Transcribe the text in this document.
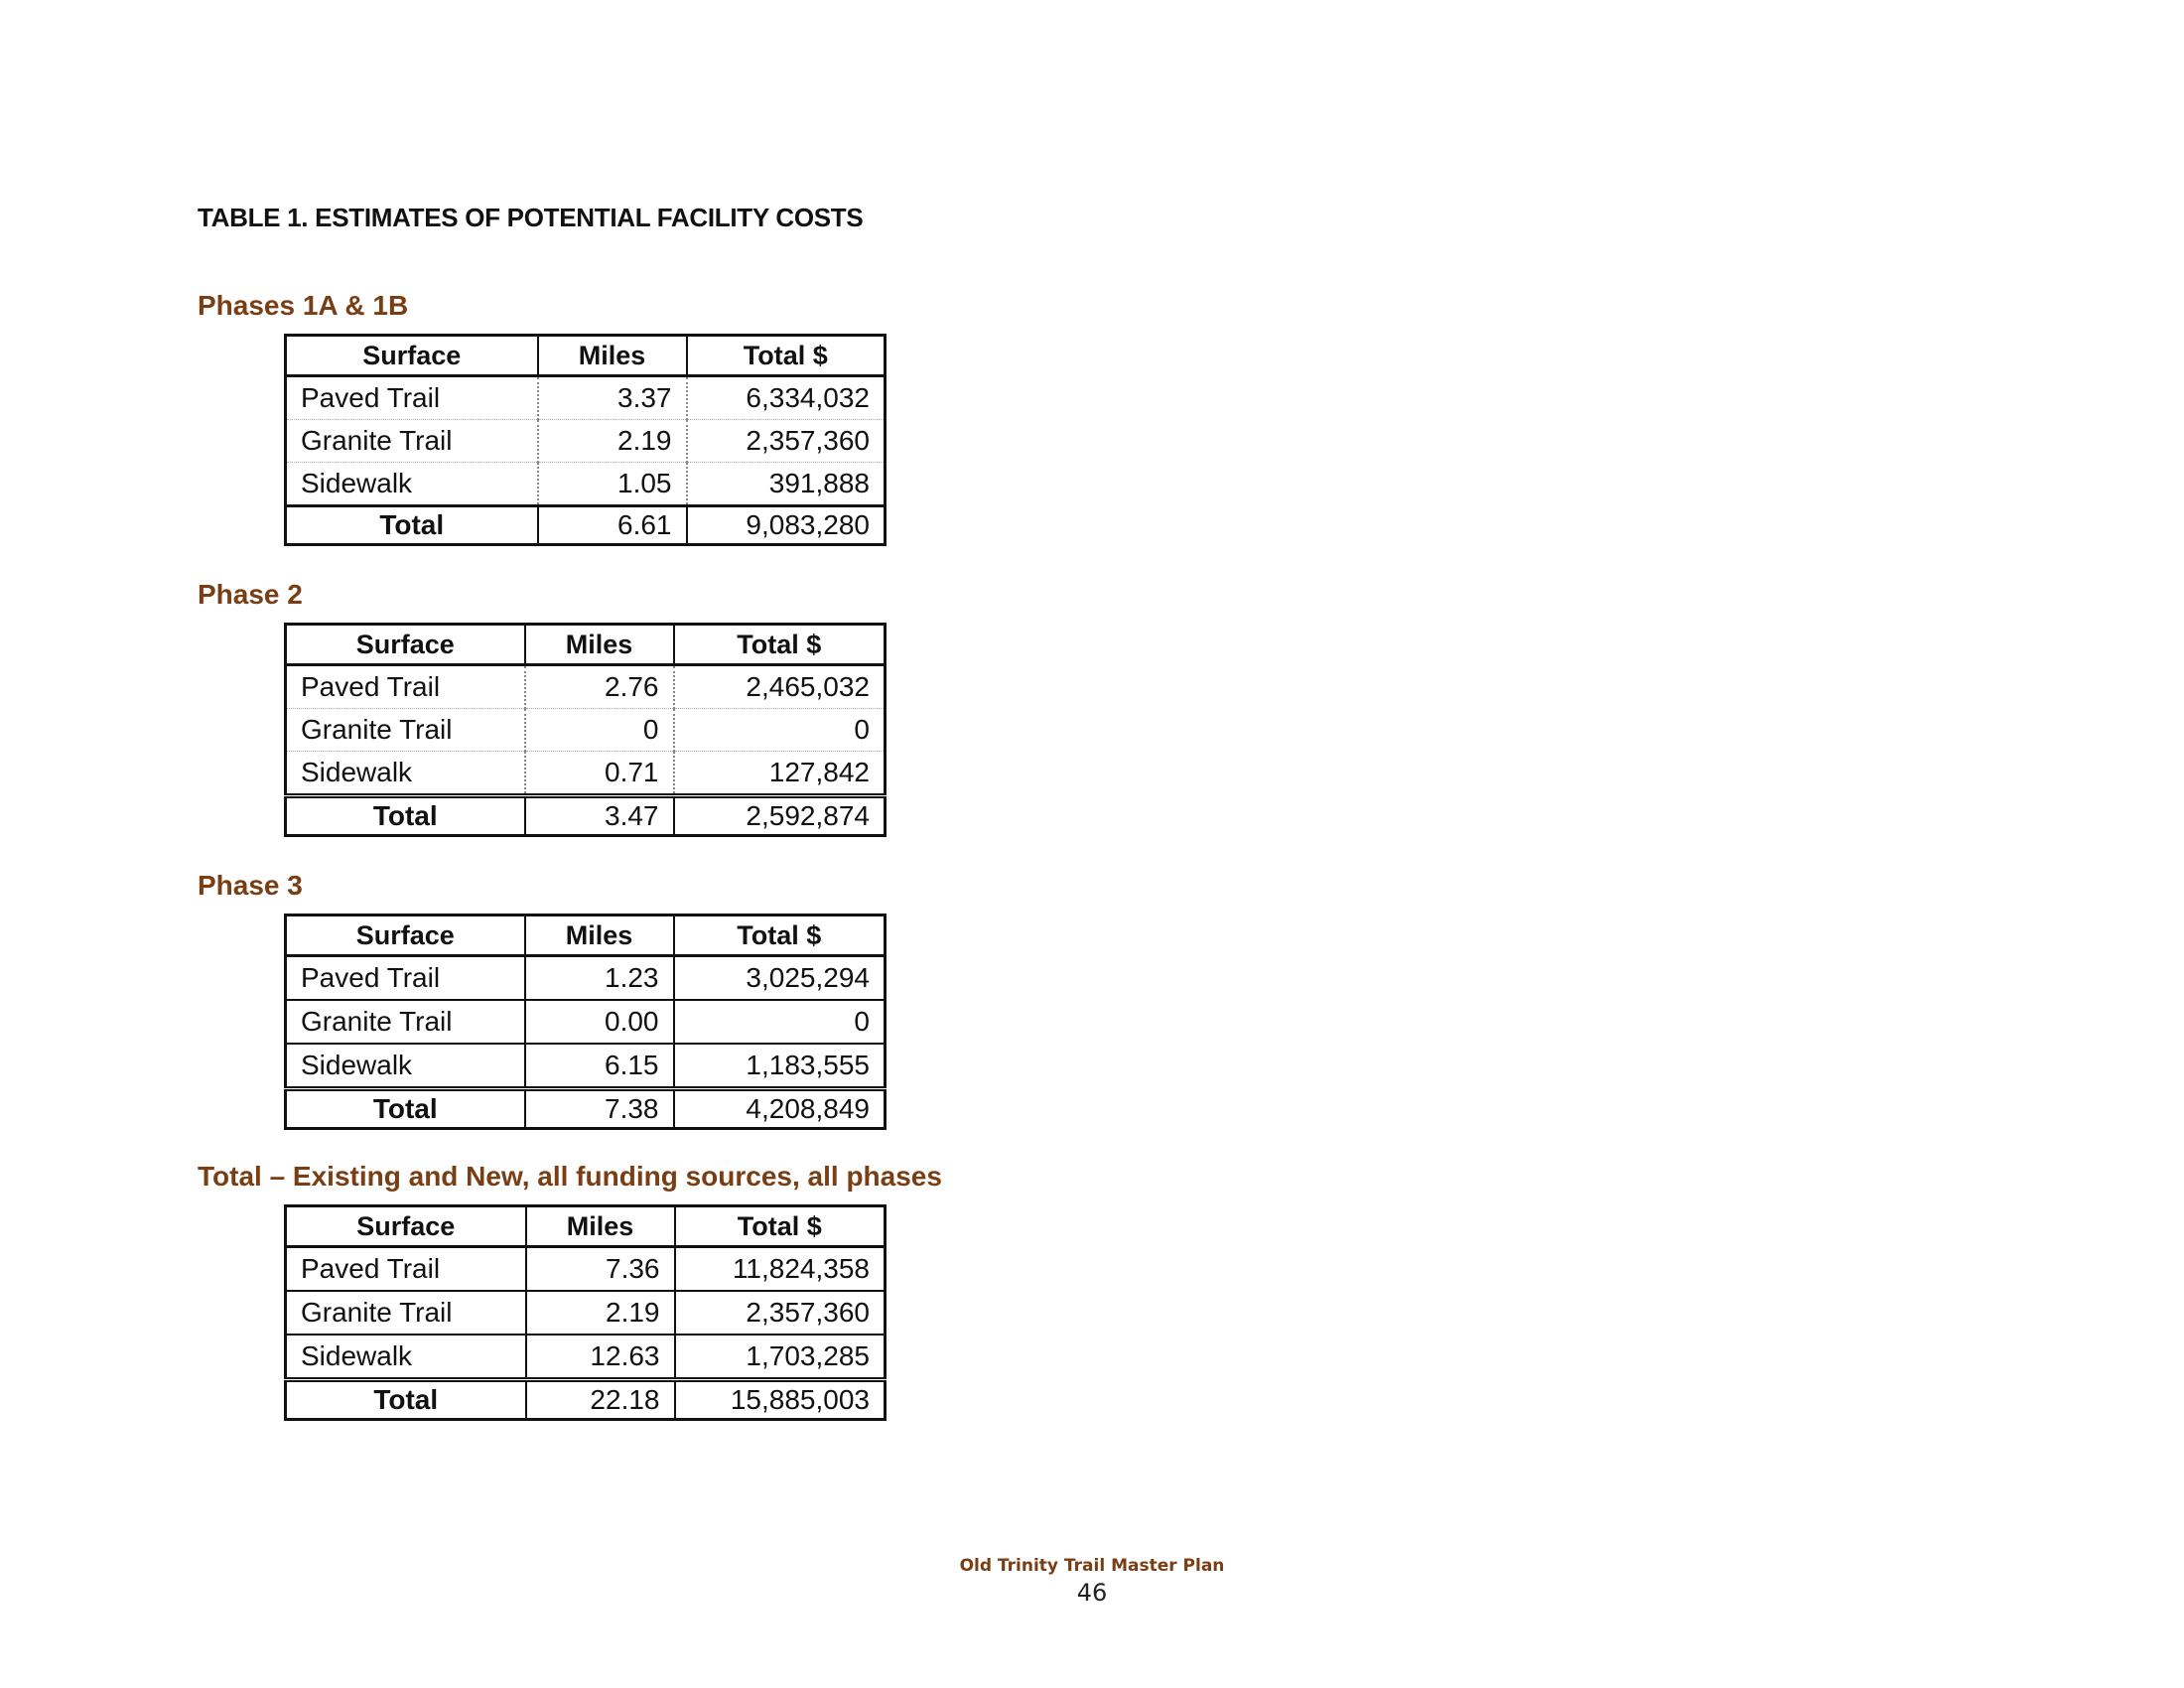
TABLE 1. ESTIMATES OF POTENTIAL FACILITY COSTS
Phases 1A & 1B
Surface	Miles	Total $
Paved Trail	3.37	6,334,032
Granite Trail	2.19	2,357,360
Sidewalk	1.05	391,888
Total	6.61	9,083,280
Phase 2
Surface	Miles	Total $
Paved Trail	2.76	2,465,032
Granite Trail	0	0
Sidewalk	0.71	127,842
Total	3.47	2,592,874
Phase 3
Surface	Miles	Total $
Paved Trail	1.23	3,025,294
Granite Trail	0.00	0
Sidewalk	6.15	1,183,555
Total	7.38	4,208,849
Total – Existing and New, all funding sources, all phases
Surface	Miles	Total $
Paved Trail	7.36	11,824,358
Granite Trail	2.19	2,357,360
Sidewalk	12.63	1,703,285
Total	22.18	15,885,003
Old Trinity Trail Master Plan
46
